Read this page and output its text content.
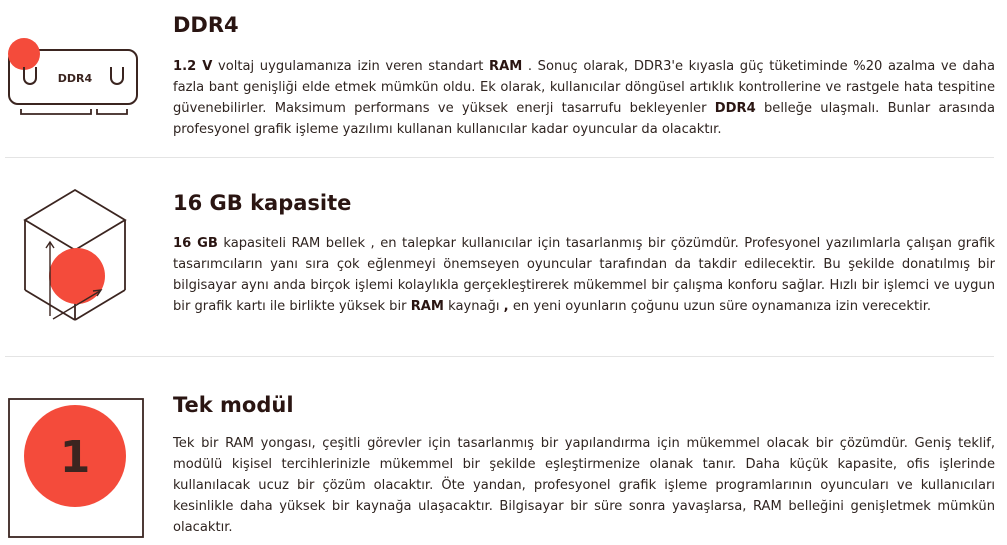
DDR4
DDR4

1.2 V voltaj uygulamanıza izin veren standart RAM . Sonuç olarak, DDR3'e kıyasla güç tüketiminde %20 azalma ve daha fazla bant genişliği elde etmek mümkün oldu. Ek olarak, kullanıcılar döngüsel artıklık kontrollerine ve rastgele hata tespitine güvenebilirler. Maksimum performans ve yüksek enerji tasarrufu bekleyenler DDR4 belleğe ulaşmalı. Bunlar arasında profesyonel grafik işleme yazılımı kullanan kullanıcılar kadar oyuncular da olacaktır.

16 GB kapasite

16 GB kapasiteli RAM bellek , en talepkar kullanıcılar için tasarlanmış bir çözümdür. Profesyonel yazılımlarla çalışan grafik tasarımcıların yanı sıra çok eğlenmeyi önemseyen oyuncular tarafından da takdir edilecektir. Bu şekilde donatılmış bir bilgisayar aynı anda birçok işlemi kolaylıkla gerçekleştirerek mükemmel bir çalışma konforu sağlar. Hızlı bir işlemci ve uygun bir grafik kartı ile birlikte yüksek bir RAM kaynağı , en yeni oyunların çoğunu uzun süre oynamanıza izin verecektir.

1
Tek modül

Tek bir RAM yongası, çeşitli görevler için tasarlanmış bir yapılandırma için mükemmel olacak bir çözümdür. Geniş teklif, modülü kişisel tercihlerinizle mükemmel bir şekilde eşleştirmenize olanak tanır. Daha küçük kapasite, ofis işlerinde kullanılacak ucuz bir çözüm olacaktır. Öte yandan, profesyonel grafik işleme programlarının oyuncuları ve kullanıcıları kesinlikle daha yüksek bir kaynağa ulaşacaktır. Bilgisayar bir süre sonra yavaşlarsa, RAM belleğini genişletmek mümkün olacaktır.
